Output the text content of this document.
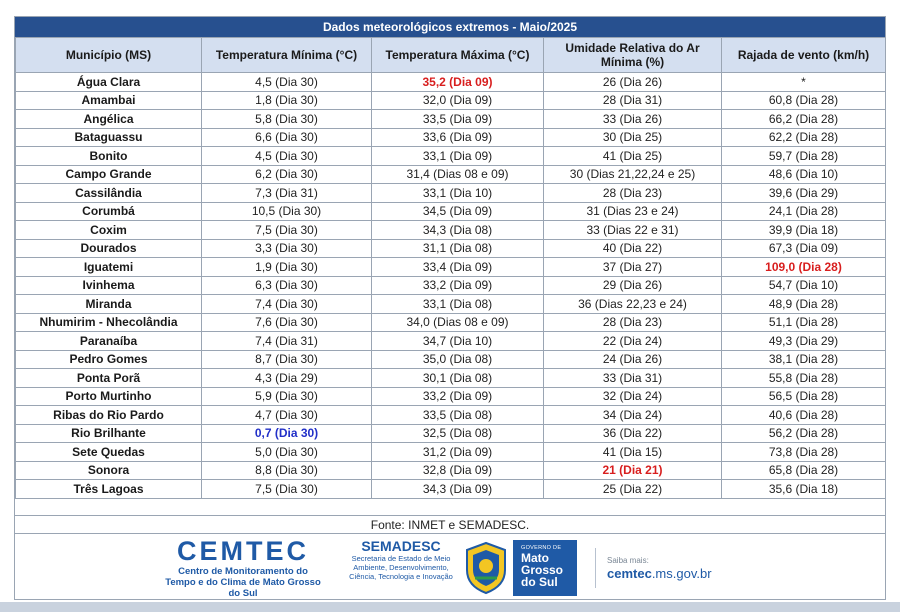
Dados meteorológicos extremos - Maio/2025
Município (MS)	Temperatura Mínima (°C)	Temperatura Máxima (°C)	Umidade Relativa do Ar Mínima (%)	Rajada de vento (km/h)
Água Clara	4,5 (Dia 30)	35,2 (Dia 09)	26 (Dia 26)	*
Amambai	1,8 (Dia 30)	32,0 (Dia 09)	28 (Dia 31)	60,8 (Dia 28)
Angélica	5,8 (Dia 30)	33,5 (Dia 09)	33 (Dia 26)	66,2 (Dia 28)
Bataguassu	6,6 (Dia 30)	33,6 (Dia 09)	30 (Dia 25)	62,2 (Dia 28)
Bonito	4,5 (Dia 30)	33,1 (Dia 09)	41 (Dia 25)	59,7 (Dia 28)
Campo Grande	6,2 (Dia 30)	31,4 (Dias 08 e 09)	30 (Dias 21,22,24 e 25)	48,6 (Dia 10)
Cassilândia	7,3 (Dia 31)	33,1 (Dia 10)	28 (Dia 23)	39,6 (Dia 29)
Corumbá	10,5 (Dia 30)	34,5 (Dia 09)	31 (Dias 23 e 24)	24,1 (Dia 28)
Coxim	7,5 (Dia 30)	34,3 (Dia 08)	33 (Dias 22 e 31)	39,9 (Dia 18)
Dourados	3,3 (Dia 30)	31,1 (Dia 08)	40 (Dia 22)	67,3 (Dia 09)
Iguatemi	1,9 (Dia 30)	33,4 (Dia 09)	37 (Dia 27)	109,0 (Dia 28)
Ivinhema	6,3 (Dia 30)	33,2 (Dia 09)	29 (Dia 26)	54,7 (Dia 10)
Miranda	7,4 (Dia 30)	33,1 (Dia 08)	36 (Dias 22,23 e 24)	48,9 (Dia 28)
Nhumirim - Nhecolândia	7,6 (Dia 30)	34,0 (Dias 08 e 09)	28 (Dia 23)	51,1 (Dia 28)
Paranaíba	7,4 (Dia 31)	34,7 (Dia 10)	22 (Dia 24)	49,3 (Dia 29)
Pedro Gomes	8,7 (Dia 30)	35,0 (Dia 08)	24 (Dia 26)	38,1 (Dia 28)
Ponta Porã	4,3 (Dia 29)	30,1 (Dia 08)	33 (Dia 31)	55,8 (Dia 28)
Porto Murtinho	5,9 (Dia 30)	33,2 (Dia 09)	32 (Dia 24)	56,5 (Dia 28)
Ribas do Rio Pardo	4,7 (Dia 30)	33,5 (Dia 08)	34 (Dia 24)	40,6 (Dia 28)
Rio Brilhante	0,7 (Dia 30)	32,5 (Dia 08)	36 (Dia 22)	56,2 (Dia 28)
Sete Quedas	5,0 (Dia 30)	31,2 (Dia 09)	41 (Dia 15)	73,8 (Dia 28)
Sonora	8,8 (Dia 30)	32,8 (Dia 09)	21 (Dia 21)	65,8 (Dia 28)
Três Lagoas	7,5 (Dia 30)	34,3 (Dia 09)	25 (Dia 22)	35,6 (Dia 18)
Fonte: INMET e SEMADESC.
CEMTEC
Centro de Monitoramento do Tempo e do Clima de Mato Grosso do Sul
SEMADESC
Secretaria de Estado de Meio Ambiente, Desenvolvimento, Ciência, Tecnologia e Inovação
GOVERNO DE
Mato Grosso do Sul
Saiba mais:
cemtec.ms.gov.br
